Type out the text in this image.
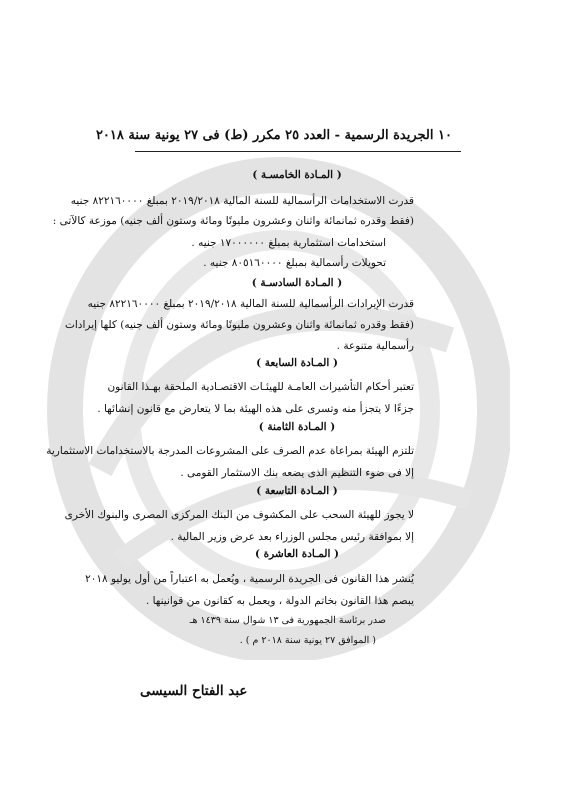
١٠ الجريدة الرسمية - العدد ٢٥ مكرر (ط) فى ٢٧ يونية سنة ٢٠١٨
( المـادة الخامسـة )
قدرت الاستخدامات الرأسمالية للسنة المالية ٢٠١٩/٢٠١٨ بمبلغ ٨٢٢١٦٠٠٠٠ جنيه
(فقط وقدره ثمانمائة واثنان وعشرون مليونًا ومائة وستون ألف جنيه) موزعة كالآتى :
استخدامات استثمارية بمبلغ ١٧٠٠٠٠٠٠ جنيه .
تحويلات رأسمالية بمبلغ ٨٠٥١٦٠٠٠٠ جنيه .
( المـادة السادسـة )
قدرت الإيرادات الرأسمالية للسنة المالية ٢٠١٩/٢٠١٨ بمبلغ ٨٢٢١٦٠٠٠٠ جنيه
(فقط وقدره ثمانمائة واثنان وعشرون مليونًا ومائة وستون ألف جنيه) كلها إيرادات
رأسمالية متنوعة .
( المـادة السابعة )
تعتبر أحكام التأشيرات العامـة للهيئـات الاقتصـادية الملحقة بهـذا القانون
جزءًا لا يتجزأ منه وتسرى على هذه الهيئة بما لا يتعارض مع قانون إنشائها .
( المـادة الثامنة )
تلتزم الهيئة بمراعاة عدم الصرف على المشروعات المدرجة بالاستخدامات الاستثمارية
إلا فى ضوء التنظيم الذى يضعه بنك الاستثمار القومى .
( المـادة التاسعة )
لا يجوز للهيئة السحب على المكشوف من البنك المركزى المصرى والبنوك الأخرى
إلا بموافقة رئيس مجلس الوزراء بعد عرض وزير المالية .
( المـادة العاشرة )
يُنشر هذا القانون فى الجريدة الرسمية ، ويُعمل به اعتباراً من أول يوليو ٢٠١٨
يبصم هذا القانون بخاتم الدولة ، ويعمل به كقانون من قوانينها .
صدر برئاسة الجمهورية فى ١٣ شوال سنة ١٤٣٩ هـ
( الموافق ٢٧ يونية سنة ٢٠١٨ م ) .
عبد الفتاح السيسى
